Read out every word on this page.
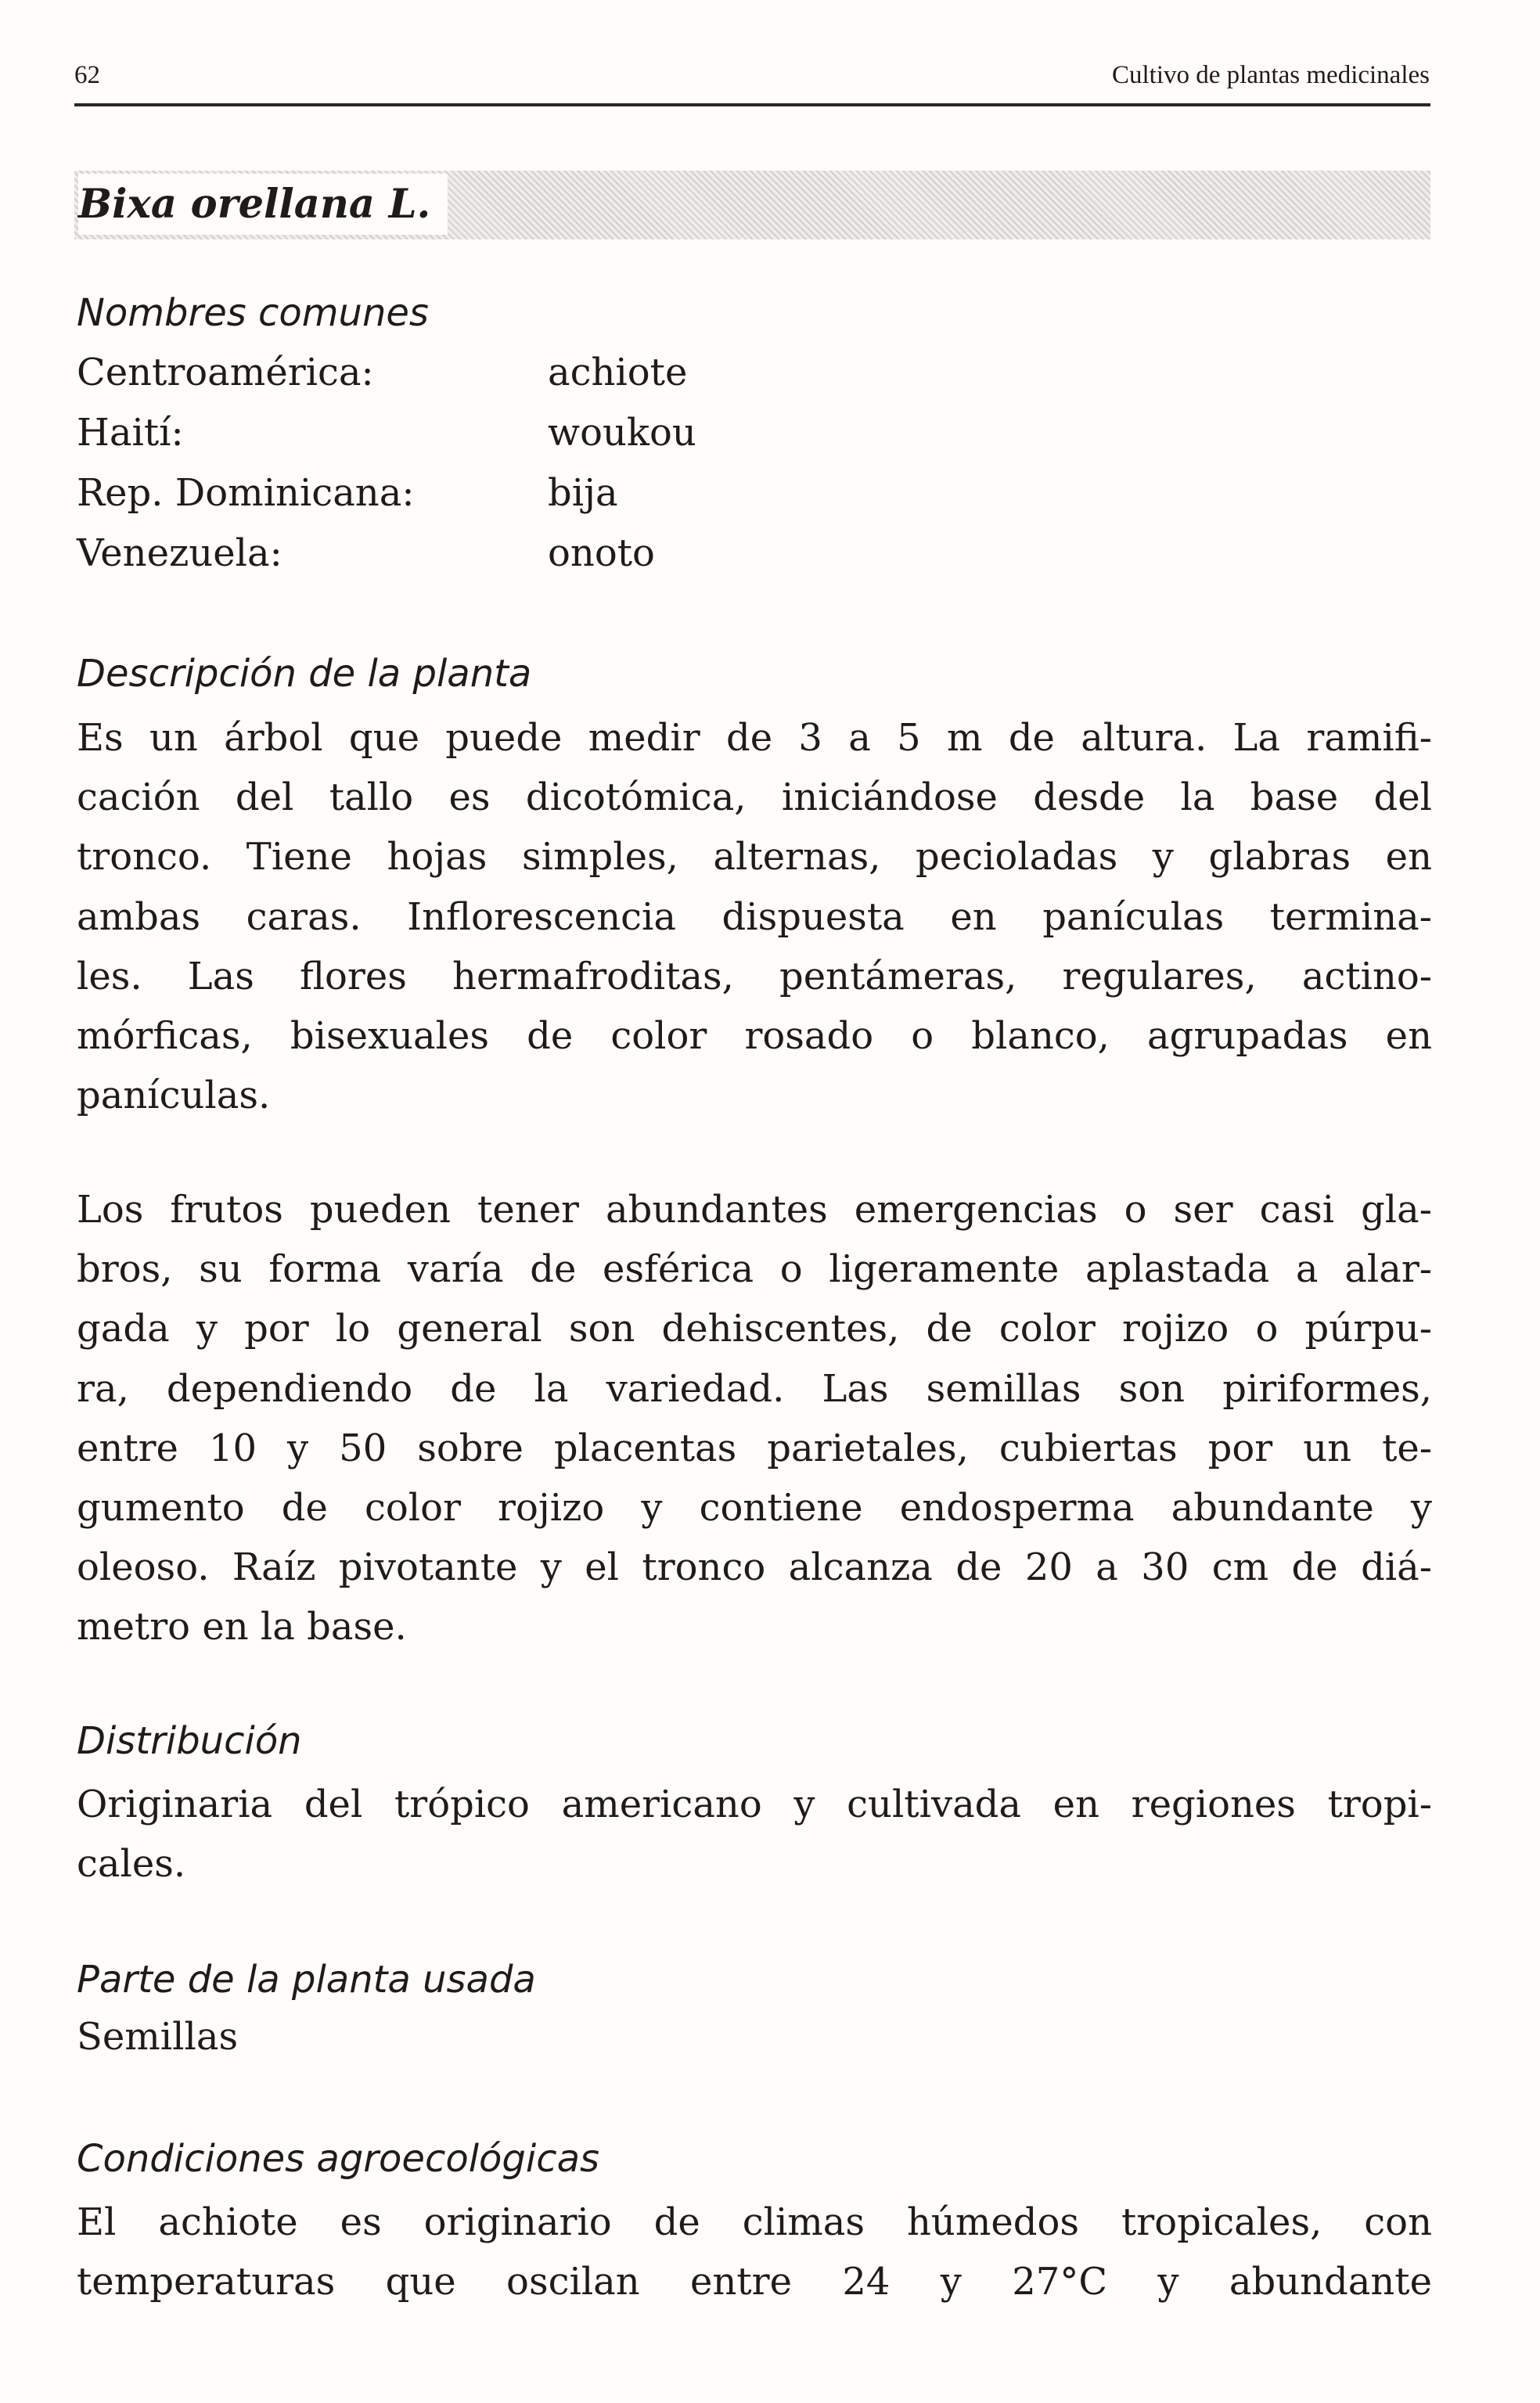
62	Cultivo de plantas medicinales
Bixa orellana L.
Nombres comunes
Centroamérica:	achiote
Haití:	woukou
Rep. Dominicana:	bija
Venezuela:	onoto
Descripción de la planta
Es un árbol que puede medir de 3 a 5 m de altura. La ramifi-
cación del tallo es dicotómica, iniciándose desde la base del
tronco. Tiene hojas simples, alternas, pecioladas y glabras en
ambas caras. Inflorescencia dispuesta en panículas termina-
les. Las flores hermafroditas, pentámeras, regulares, actino-
mórficas, bisexuales de color rosado o blanco, agrupadas en
panículas.
Los frutos pueden tener abundantes emergencias o ser casi gla-
bros, su forma varía de esférica o ligeramente aplastada a alar-
gada y por lo general son dehiscentes, de color rojizo o púrpu-
ra, dependiendo de la variedad. Las semillas son piriformes,
entre 10 y 50 sobre placentas parietales, cubiertas por un te-
gumento de color rojizo y contiene endosperma abundante y
oleoso. Raíz pivotante y el tronco alcanza de 20 a 30 cm de diá-
metro en la base.
Distribución
Originaria del trópico americano y cultivada en regiones tropi-
cales.
Parte de la planta usada
Semillas
Condiciones agroecológicas
El achiote es originario de climas húmedos tropicales, con
temperaturas que oscilan entre 24 y 27°C y abundante
